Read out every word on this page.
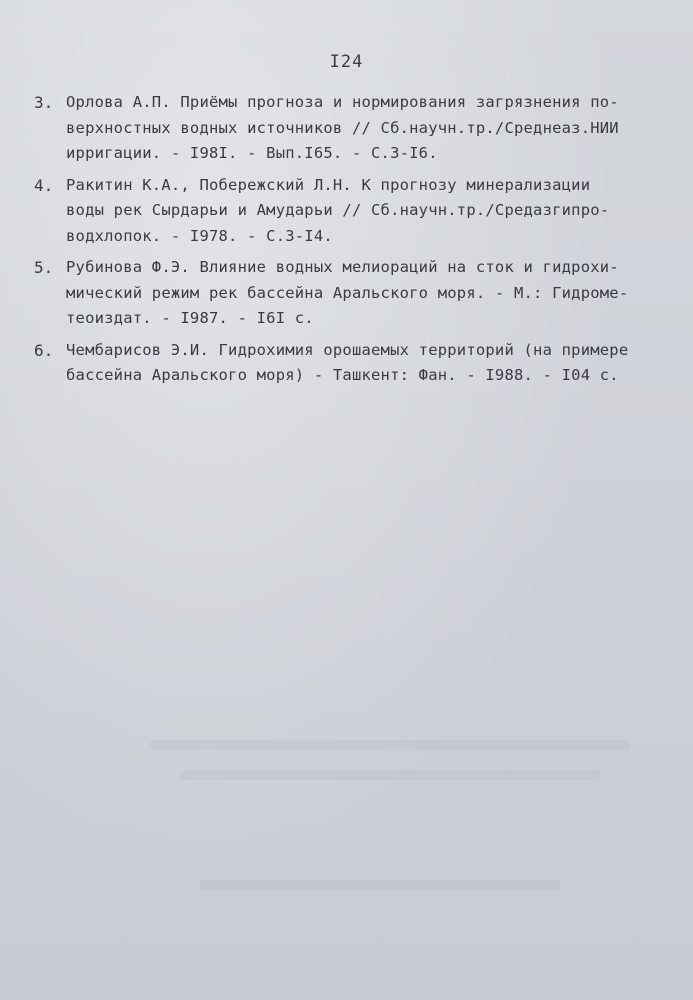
I24
3. Орлова А.П. Приёмы прогноза и нормирования загрязнения по-
верхностных водных источников // Сб.научн.тр./Среднеаз.НИИ
ирригации. - I98I. - Вып.I65. - С.3-I6.
4. Ракитин К.А., Побережский Л.Н. К прогнозу минерализации
воды рек Сырдарьи и Амударьи // Сб.научн.тр./Средазгипро-
водхлопок. - I978. - С.3-I4.
5. Рубинова Ф.Э. Влияние водных мелиораций на сток и гидрохи-
мический режим рек бассейна Аральского моря. - М.: Гидроме-
теоиздат. - I987. - I6I с.
6. Чембарисов Э.И. Гидрохимия орошаемых территорий (на примере
бассейна Аральского моря) - Ташкент: Фан. - I988. - I04 с.
